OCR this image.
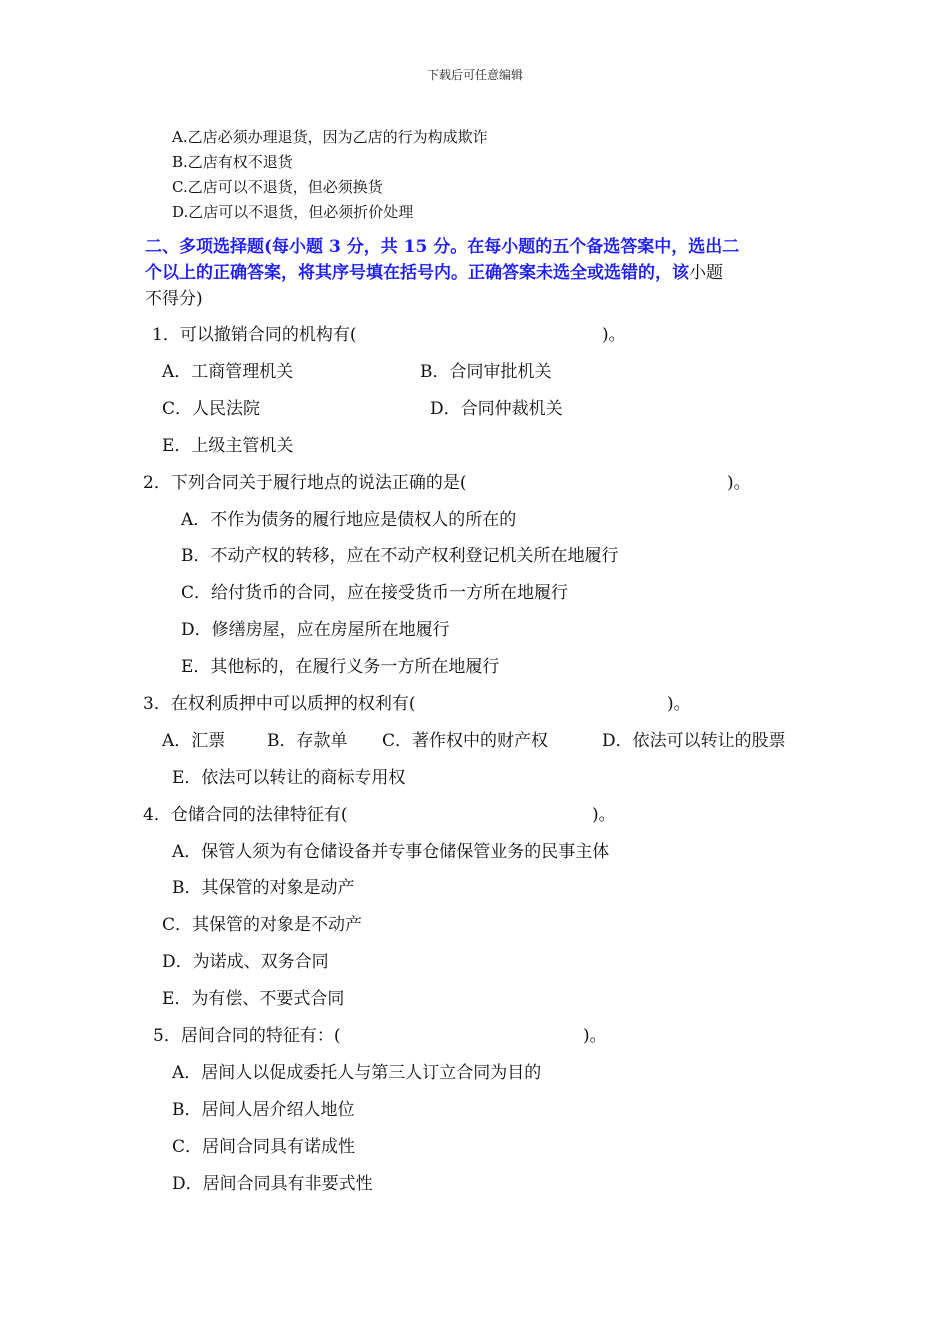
下载后可任意编辑
A.乙店必须办理退货，因为乙店的行为构成欺诈
B.乙店有权不退货
C.乙店可以不退货，但必须换货
D.乙店可以不退货，但必须折价处理
二、多项选择题(每小题 3 分，共 15 分。在每小题的五个备选答案中，选出二
个以上的正确答案，将其序号填在括号内。正确答案未选全或选错的，该小题
不得分)
1．可以撤销合同的机构有(	)。
A．工商管理机关	B．合同审批机关
C．人民法院	D．合同仲裁机关
E．上级主管机关
2．下列合同关于履行地点的说法正确的是(	)。
A．不作为债务的履行地应是债权人的所在的
B．不动产权的转移，应在不动产权利登记机关所在地履行
C．给付货币的合同，应在接受货币一方所在地履行
D．修缮房屋，应在房屋所在地履行
E．其他标的，在履行义务一方所在地履行
3．在权利质押中可以质押的权利有(	)。
A．汇票 B．存款单 C．著作权中的财产权	D．依法可以转让的股票
E．依法可以转让的商标专用权
4．仓储合同的法律特征有(	)。
A．保管人须为有仓储设备并专事仓储保管业务的民事主体
B．其保管的对象是动产
C．其保管的对象是不动产
D．为诺成、双务合同
E．为有偿、不要式合同
5．居间合同的特征有：(	)。
A．居间人以促成委托人与第三人订立合同为目的
B．居间人居介绍人地位
C．居间合同具有诺成性
D．居间合同具有非要式性
